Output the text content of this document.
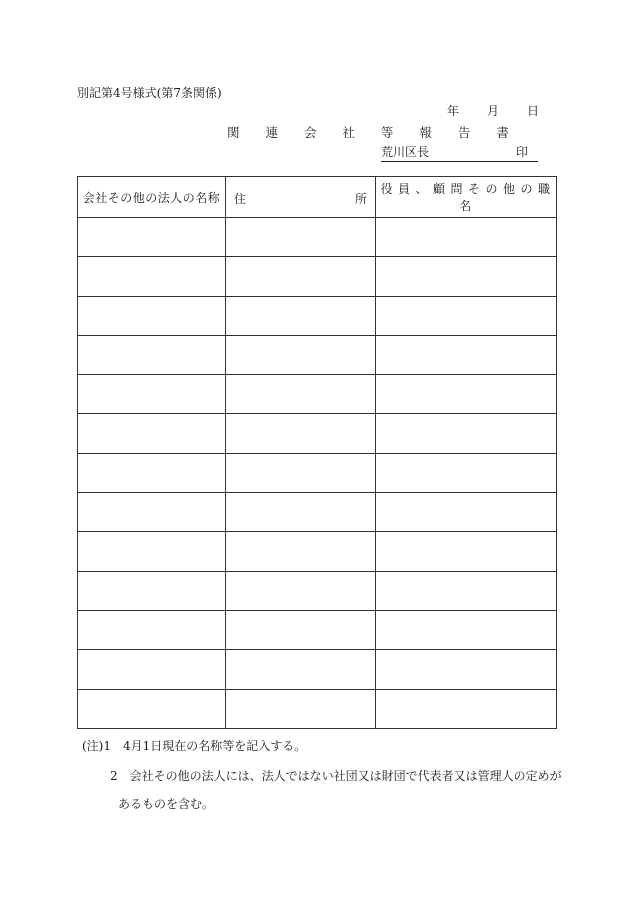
別記第4号様式(第7条関係)
年 月 日
関 連 会 社 等 報 告 書
荒川区長	印
会社その他の法人の名称	住 所	役員、顧問その他の職名

(注)1　4月1日現在の名称等を記入する。
2　会社その他の法人には、法人ではない社団又は財団で代表者又は管理人の定めが
あるものを含む。
